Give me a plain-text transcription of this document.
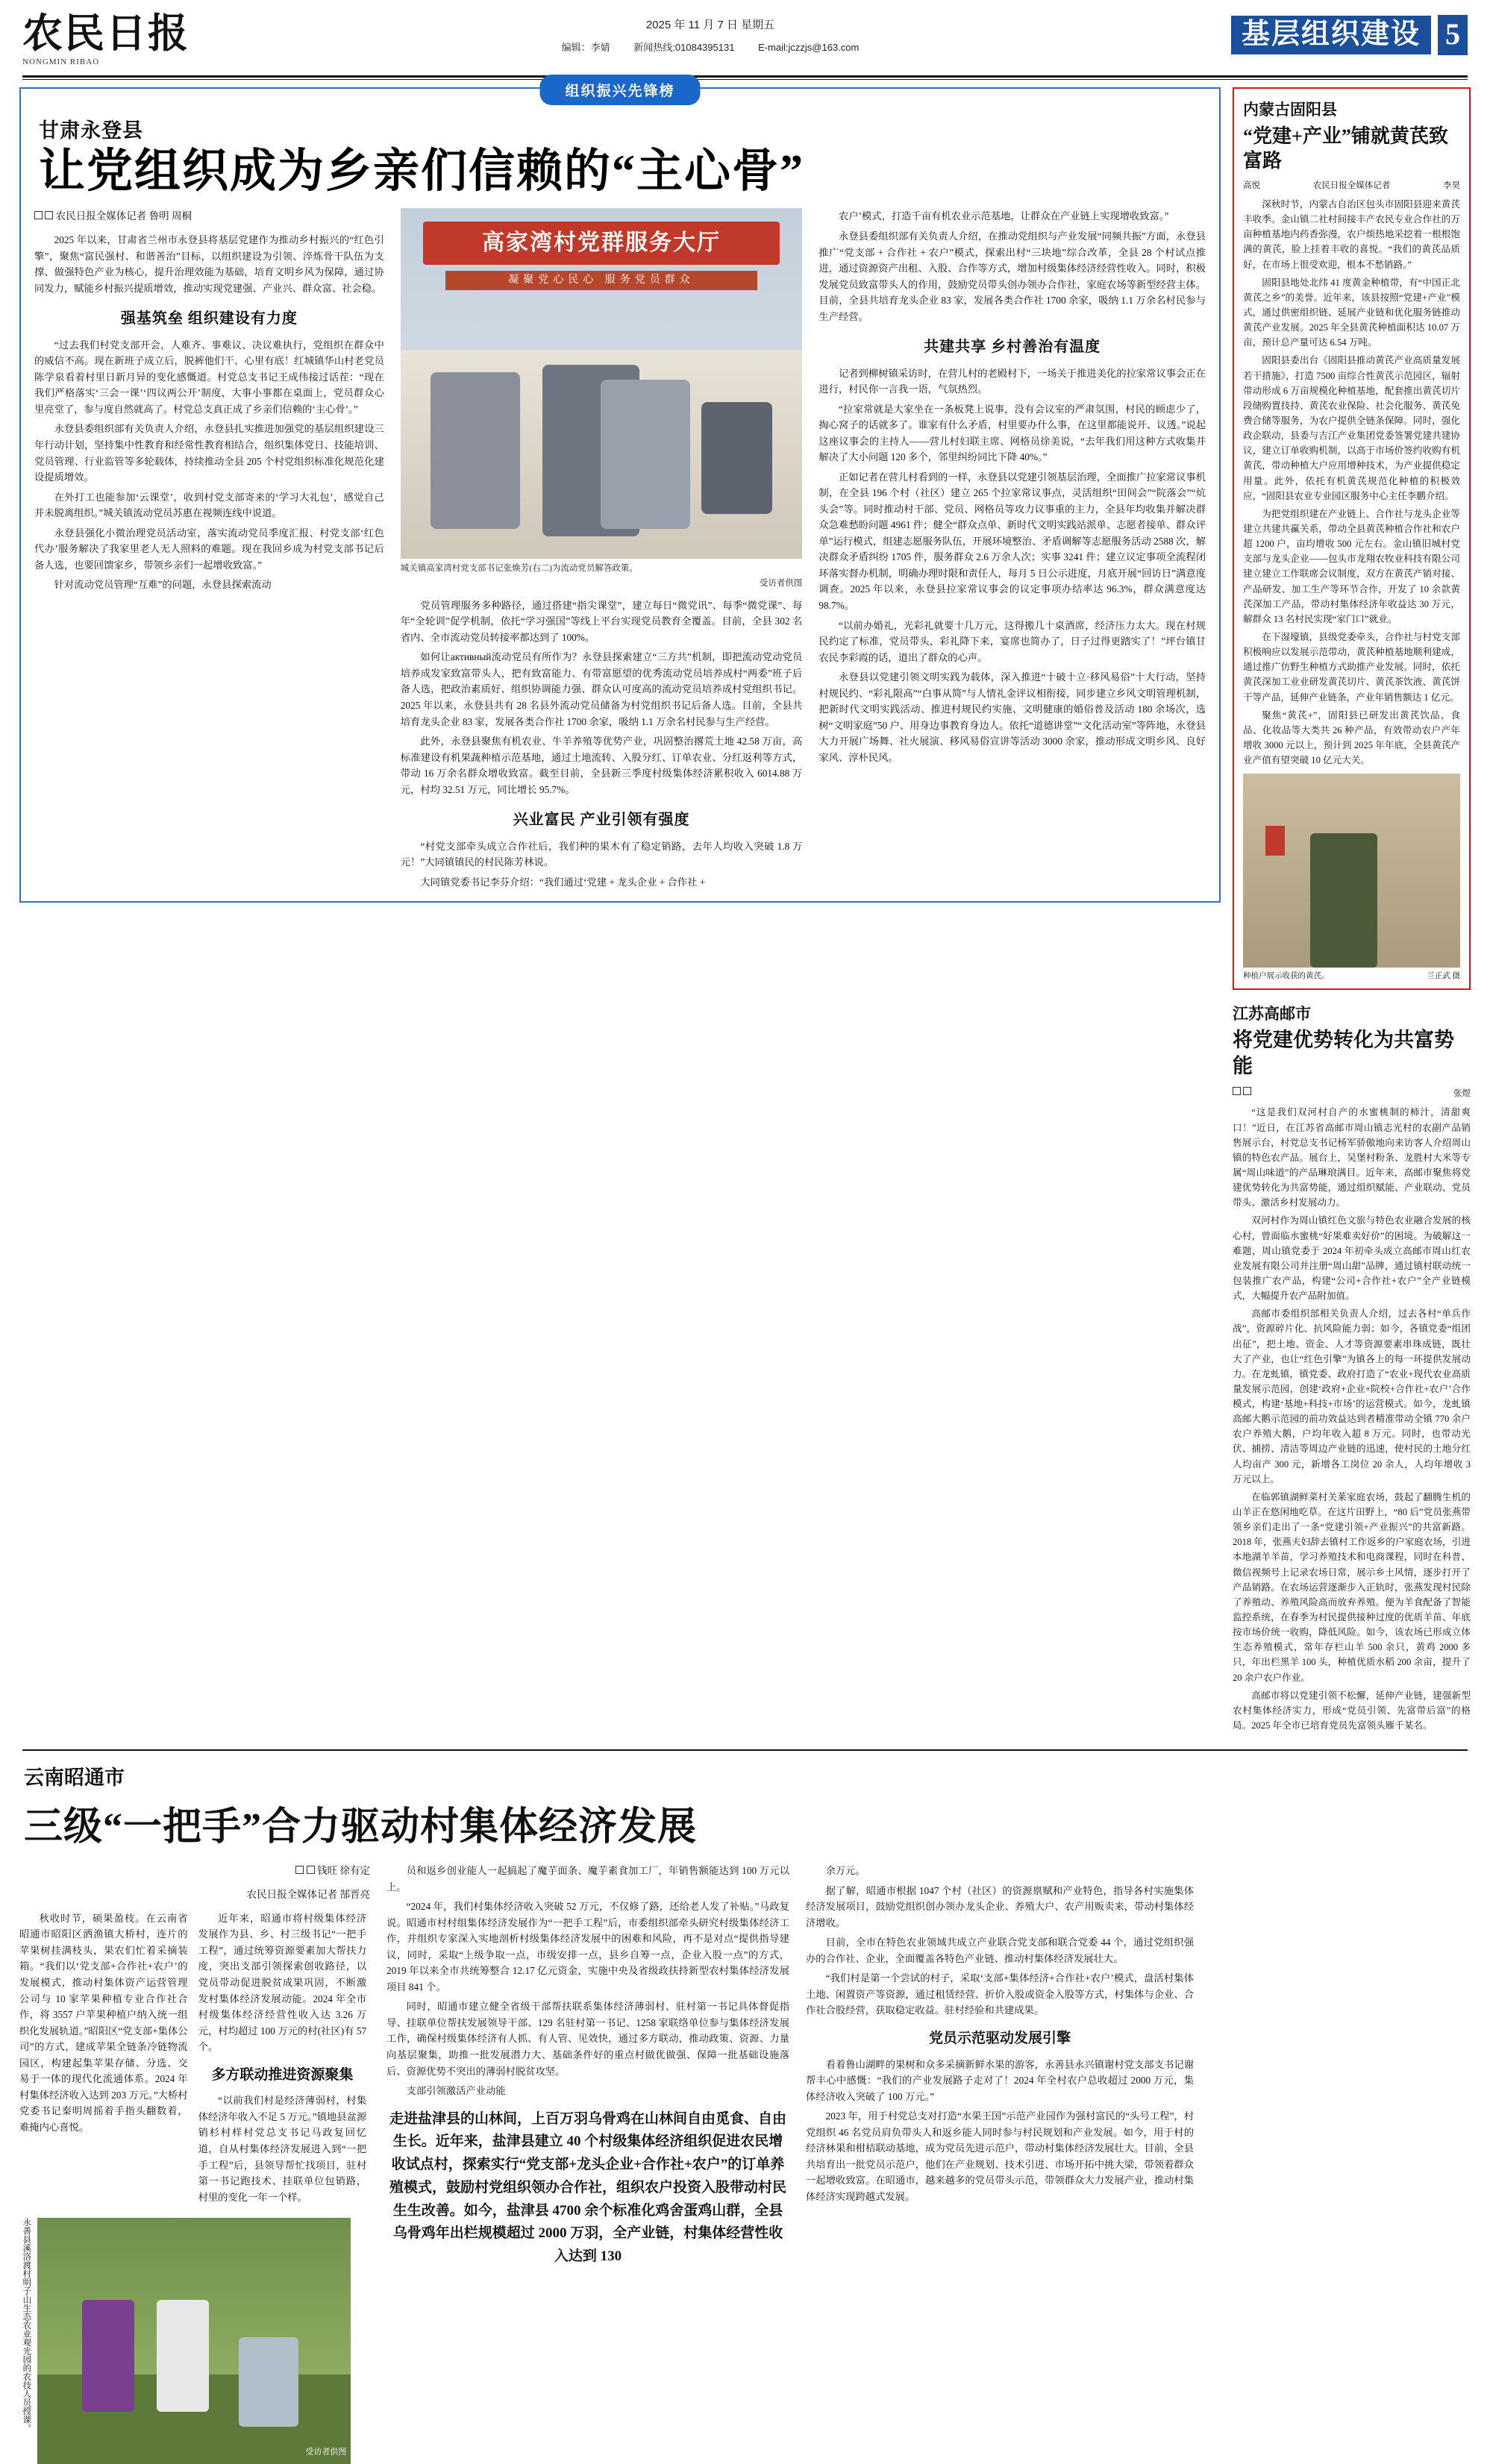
农民日报
NONGMIN RIBAO
2025 年 11 月 7 日 星期五
编辑：李婧 新闻热线:01084395131 E-mail:jczzjs@163.com	基层组织建设 5
组织振兴先锋榜
甘肃永登县
让党组织成为乡亲们信赖的“主心骨”
农民日报全媒体记者 鲁明 周桐

2025 年以来，甘肃省兰州市永登县将基层党建作为推动乡村振兴的“红色引擎”，聚焦“富民强村、和谐善治”目标，以组织建设为引领、淬炼骨干队伍为支撑、做强特色产业为核心，提升治理效能为基础，培育文明乡风为保障，通过协同发力，赋能乡村振兴提质增效，推动实现党建强、产业兴、群众富、社会稳。

强基筑垒 组织建设有力度

“过去我们村党支部开会，人难齐、事难议、决议难执行，党组织在群众中的威信不高。现在新班子成立后，脱裤他们干、心里有底！红城镇华山村老党员陈学泉看着村里日新月异的变化感慨道。村党总支书记王成伟接过话茬：“现在我们严格落实‘三会一课’‘四议两公开’制度，大事小事都在桌面上，党员群众心里亮堂了，参与度自然就高了。村党总支真正成了乡亲们信赖的‘主心骨’。”

永登县委组织部有关负责人介绍，永登县扎实推进加强党的基层组织建设三年行动计划，坚持集中性教育和经常性教育相结合，组织集体党日、技能培训、党员管理、行业监管等多轮载体，持续推动全县 205 个村党组织标准化规范化建设提质增效。

在外打工也能参加‘云课堂’，收到村党支部寄来的‘学习大礼包’，感觉自己并未脱离组织。”城关镇流动党员苏惠在视频连线中说道。

永登县强化小微治理党员活动室，落实流动党员季度汇报、村党支部‘红色代办’服务解决了我家里老人无人照料的难题。现在我回乡成为村党支部书记后备人选，也要回馈家乡，带领乡亲们一起增收致富。”

针对流动党员管理“互难”的问题，永登县探索流动

高家湾村党群服务大厅
凝聚党心民心 服务党员群众
城关镇高家湾村党支部书记张焕芳(右二)为流动党员解答政策。
受访者供图

党员管理服务多种路径，通过搭建“指尖课堂”，建立每日“微党讯”、每季“微党课”、每年“全轮训”促学机制，依托“学习强国”等线上平台实现党员教育全覆盖。目前，全县 302 名省内、全市流动党员转接率都达到了 100%。

如何让активный流动党员有所作为？永登县探索建立“三方共”机制，即把流动党动党员培养成发家致富带头人，把有致富能力、有带富愿望的优秀流动党员培养成村“两委”班子后备人选，把政治素质好、组织协调能力强、群众认可度高的流动党员培养成村党组织书记。2025 年以来，永登县共有 28 名县外流动党员储备为村党组织书记后备人选。目前，全县共培育龙头企业 83 家，发展各类合作社 1700 余家，吸纳 1.1 万余名村民参与生产经营。

此外，永登县聚焦有机农业、牛羊养殖等优势产业，巩固整治撂荒土地 42.58 万亩，高标准建设有机果蔬种植示范基地，通过土地流转、入股分红、订单农业、分红返利等方式，带动 16 万余名群众增收致富。截至目前，全县新三季度村级集体经济累积收入 6014.88 万元，村均 32.51 万元，同比增长 95.7%。

兴业富民 产业引领有强度

“村党支部牵头成立合作社后，我们种的果木有了稳定销路，去年人均收入突破 1.8 万元！”大同镇镇民的村民陈芳林说。

大同镇党委书记李芬介绍：“我们通过‘党建 + 龙头企业 + 合作社 +

农户’模式，打造千亩有机农业示范基地，让群众在产业链上实现增收致富。”

永登县委组织部有关负责人介绍，在推动党组织与产业发展“同频共振”方面，永登县推广“党支部 + 合作社 + 农户”模式，探索出村“三块地”综合改革，全县 28 个村试点推进，通过资源资产出租、入股、合作等方式，增加村级集体经济经营性收入。同时，积极发展党员致富带头人的作用，鼓励党员带头创办领办合作社，家庭农场等新型经营主体。目前，全县共培育龙头企业 83 家，发展各类合作社 1700 余家，吸纳 1.1 万余名村民参与生产经营。

共建共享 乡村善治有温度

记者到柳树镇采访时，在营儿村的老殿村下，一场关于推进美化的拉家常议事会正在进行，村民你一言我一语，气氛热烈。

“拉家常就是大家坐在一条板凳上说事，没有会议室的严肃氛围，村民的顾虑少了，掏心窝子的话就多了。谁家有什么矛盾，村里要办什么事，在这里都能说开、议透。”说起这座议事会的主持人——营儿村妇联主席、网格员徐美说，“去年我们用这种方式收集并解决了大小问题 120 多个，邻里纠纷同比下降 40%。”

正如记者在营儿村看到的一样，永登县以党建引领基层治理，全面推广拉家常议事机制，在全县 196 个村（社区）建立 265 个拉家常议事点，灵活组织“田间会”“院落会”“炕头会”等。同时推动村干部、党员、网格员等攻力议事重的主力，全县年均收集并解决群众急难愁盼问题 4961 件；健全“群众点单、新时代文明实践站派单、志愿者接单、群众评单”运行模式，组建志愿服务队伍，开展环境整治、矛盾调解等志愿服务活动 2588 次，解决群众矛盾纠纷 1705 件，服务群众 2.6 万余人次；实事 3241 件；建立议定事项全流程闭环落实督办机制，明确办理时限和责任人，每月 5 日公示进度，月底开展“回访日”满意度调查。2025 年以来，永登县拉家常议事会的议定事项办结率达 96.3%，群众满意度达 98.7%。

“以前办婚礼，光彩礼就要十几万元，这得搬几十桌酒席，经济压力太大。现在村规民约定了标准，党员带头，彩礼降下来，宴席也简办了，日子过得更踏实了！”坪台镇甘农民李彩霞的话，道出了群众的心声。

永登县以党建引领文明实践为载体，深入推进“十破十立·移风易俗”十大行动，坚持村规民约、“彩礼限高”“白事从简”与人情礼金评议相衔接，同步建立乡风文明管理机制，把新时代文明实践活动、推进村规民约实施、文明健康的婚俗普及活动 180 余场次，选树“文明家庭”50 户、用身边事教育身边人。依托“道德讲堂”“文化活动室”等阵地，永登县大力开展广场舞、社火展演、移风易俗宣讲等活动 3000 余家，推动形成文明乡风、良好家风、淳朴民风。

内蒙古固阳县
“党建+产业”铺就黄芪致富路
高悦	农民日报全媒体记者	李昊

深秋时节，内蒙古自治区包头市固阳县迎来黄芪丰收季。金山镇二社村间接丰产农民专业合作社的万亩种植基地内药香弥漫，农户烦热地采挖着一根根饱满的黄芪，脸上挂着丰收的喜悦。“我们的黄芪品质好，在市场上很受欢迎，根本不愁销路。”

固阳县地处北纬 41 度黄金种植带，有“中国正北黄芪之乡”的美誉。近年来，该县按照“党建+产业”模式，通过供密组织链、延展产业链和优化服务链推动黄芪产业发展。2025 年全县黄芪种植面积达 10.07 万亩，预计总产量可达 6.54 万吨。

固阳县委出台《固阳县推动黄芪产业高质量发展若干措施》，打造 7500 亩综合性黄芪示范园区，辐射带动形成 6 万亩规模化种植基地，配套推出黄芪切片段储购置技持、黄芪农业保险、社会化服务、黄芪免费合储等服务，为农户提供全链条保障。同时，强化政企联动，县委与吉江产业集团党委签署党建共建协议，建立订单收购机制，以高于市场价签约收购有机黄芪，带动种植大户应用增种技术，为产业提供稳定用量。此外，依托有机黄芪规范化种植的积极效应，“固阳县农业专业园区服务中心主任李鹏介绍。

为把党组织建在产业链上、合作社与龙头企业等建立共建共赢关系，带动全县黄芪种植合作社和农户超 1200 户，亩均增收 500 元左右。金山镇旧城村党支部与龙头企业——包头市龙翔农牧业科技有限公司建立建立工作联席会议制度，双方在黄芪产销对接、产品研发、加工生产等环节合作，开发了 10 余款黄芪深加工产品，带动村集体经济年收益达 30 万元，解群众 13 名村民实现“家门口”就业。

在下湿壕镇，县级党委牵头，合作社与村党支部积极响应以发展示范带动，黄芪种植基地顺利建成，通过推广仿野生种植方式助推产业发展。同时，依托黄芪深加工业业研发黄芪切片、黄芪茶饮液、黄芪饼干等产品，延伸产业链条，产业年销售额达 1 亿元。

聚焦“黄芪+”，固阳县已研发出黄芪饮品、食品、化妆品等大类共 26 种产品，有效带动农户产年增收 3000 元以上，预计到 2025 年年底，全县黄芪产业产值有望突破 10 亿元大关。

种植户展示收获的黄芪。	兰正武 摄
江苏高邮市
将党建优势转化为共富势能

张煜

“这是我们双河村自产的水蜜桃制的柿汁，清甜爽口！”近日，在江苏省高邮市周山镇志光村的农副产品销售展示台，村党总支书记杨军骄傲地向来访客人介绍周山镇的特色农产品。展台上，吴堡村粉条、龙胜村大米等专属“周山味道”的产品琳琅满目。近年来，高邮市聚焦将党建优势转化为共富势能，通过组织赋能、产业联动、党员带头、激活乡村发展动力。

双河村作为周山镇红色文旅与特色农业融合发展的核心村，曾面临水蜜桃“好果难卖好价”的困境。为破解这一难题，周山镇党委于 2024 年初牵头成立高邮市周山红农业发展有限公司并注册“周山甜”品牌，通过镇村联动统一包装推广农产品，构建“公司+合作社+农户”全产业链模式，大幅提升农产品附加值。

高邮市委组织部相关负责人介绍，过去各村“单兵作战”，资源碎片化、抗风险能力弱；如今，各镇党委“组团出征”，把土地、资金、人才等资源要素串珠成链，既壮大了产业，也让“红色引擎”为镇各上的每一环提供发展动力。在龙虬镇，镇党委、政府打造了“农业+现代农业高质量发展示范园，创建‘政府+企业+院校+合作社+农户’合作模式，构建‘基地+科技+市场’的运营模式。如今，龙虬镇高邮大鹅示范园的前功效益达到者精准带动全镇 770 余户农户养殖大鹅，户均年收入超 8 万元。同时，也带动光伏、捕捞、清洁等周边产业链的迅速，使村民的土地分红人均亩产 300 元，新增各工岗位 20 余人，人均年增收 3 万元以上。

在临郭镇湖鲜菜村关莱家庭农场，鼓起了翻腾生机的山羊正在悠闲地吃草。在这片田野上，“80 后”党员张燕带领乡亲们走出了一条“党建引领+产业振兴”的共富新路。2018 年，张燕夫妇辞去镇村工作返乡的户家庭农场，引进本地湖羊羊苗，学习养殖技术和电商课程，同时在科普、微信视频号上记录农场日常，展示乡土风情，逐步打开了产品销路。在农场运营逐渐步入正轨时，张燕发现村民除了养殖动、养殖风险高而放弃养殖。便为羊食配备了智能监控系统，在春季为村民提供接种过度的优质羊苗、年底按市场价统一收购，降低风险。如今，该农场已形成立体生态养殖模式，常年存栏山羊 500 余只，黄鸡 2000 多只，年出栏黑羊 100 头，种植优质水稻 200 余亩，提升了 20 余户农户作业。

高邮市将以党建引领不松懈，延伸产业链，建强新型农村集体经济实力，形成“党员引领、先富带后富”的格局。2025 年全市已培育党员先富领头雁千某名。

云南昭通市
三级“一把手”合力驱动村集体经济发展
钱旺 徐有定
农民日报全媒体记者 郜晋亮

秋收时节，硕果盈枝。在云南省昭通市昭阳区洒渔镇大桥村，连片的苹果树挂满枝头，果农们忙着采摘装箱。“我们以‘党支部+合作社+农户’的发展模式，推动村集体资产运营管理公司与 10 家苹果种植专业合作社合作，将 3557 户苹果种植户纳入统一组织化发展轨道。”昭阳区“党支部+集体公司”的方式，建成苹果全链条冷链物流园区，构建起集苹果存储、分选、交易于一体的现代化流通体系。2024 年村集体经济收入达到 203 万元。”大桥村党委书记秦明周摇着手指头翻数着，难掩内心喜悦。

近年来，昭通市将村级集体经济发展作为县、乡、村三级书记“一把手工程”，通过统筹资源要素加大帮扶力度，突出支部引领探索创收路径，以党员带动促进脱贫成果巩固，不断激发村集体经济发展动能。2024 年全市村级集体经济经营性收入达 3.26 万元，村均超过 100 万元的村(社区)有 57 个。

多方联动推进资源聚集

“以前我们村是经济薄弱村，村集体经济年收入不足 5 万元。”镇地县盆源销杉村样村党总支书记马政复回忆道，自从村集体经济发展进入到“一把手工程”后，县领导帮忙找项目，驻村第一书记跑技术、挂联单位包销路，村里的变化一年一个样。

永善县溪洛渡村明子山生态农业观光园的农技人员授课。
受访者供图

员和返乡创业能人一起搞起了魔芋面条、魔芋素食加工厂，年销售额能达到 100 万元以上。

“2024 年，我们村集体经济收入突破 52 万元，不仅修了路，还给老人发了补贴。”马政复说。昭通市村村组集体经济发展作为“一把手工程”后，市委组织部牵头研究村级集体经济工作，并组织专家深入实地剖析村级集体经济发展中的困难和风险，再不是对点“提供指导建议，同时，采取“上级争取一点，市级安排一点，县乡自筹一点，企业入股一点”的方式，2019 年以来全市共统筹整合 12.17 亿元资金，实施中央及省级政扶持新型农村集体经济发展项目 841 个。

同时，昭通市建立健全省级干部帮扶联系集体经济薄弱村、驻村第一书记具体督促指导、挂联单位帮扶发展领导干部、129 名驻村第一书记、1258 家联络单位参与集体经济发展工作，确保村级集体经济有人抓、有人管、见效快，通过多方联动，推动政策、资源、力量向基层聚集，助推一批发展潜力大、基础条件好的重点村做优做强、保障一批基础设施落后、资源优势不突出的薄弱村脱贫攻坚。

支部引领激活产业动能

走进盐津县的山林间，上百万羽乌骨鸡在山林间自由觅食、自由生长。近年来，盐津县建立 40 个村级集体经济组织促进农民增收试点村，探索实行“党支部+龙头企业+合作社+农户”的订单养殖模式，鼓励村党组织领办合作社，组织农户投资入股带动村民生生改善。如今，盐津县 4700 余个标准化鸡舍蛋鸡山群，全县乌骨鸡年出栏规模超过 2000 万羽，全产业链，村集体经营性收入达到 130

余万元。

据了解，昭通市根据 1047 个村（社区）的资源禀赋和产业特色，指导各村实施集体经济发展项目，鼓励党组织创办领办龙头企业、养殖大户、农产用贩卖来，带动村集体经济增收。

目前，全市在特色农业领域共成立产业联合党支部和联合党委 44 个，通过党组织强办的合作社、企业，全面覆盖各特色产业链、推动村集体经济发展壮大。

“我们村是第一个尝试的村子，采取‘支部+集体经济+合作社+农户’模式，盘活村集体土地、闲置资产等资源，通过租赁经营、折价入股或资金入股等方式，村集体与企业、合作社合股经营，获取稳定收益。驻村经验和共建成果。

党员示范驱动发展引擎

看着鲁山湖畔的果树和众多采摘新鲜水果的游客，永善县永兴镇谢村党支部支书记谢帮丰心中感慨：“我们的产业发展路子走对了！2024 年全村农户总收超过 2000 万元，集体经济收入突破了 100 万元。”

2023 年，用于村党总支对打造“水果王国”示范产业园作为强村富民的“头号工程”，村党组织 46 名党员肩负带头人和返乡能人同时参与村民规划和产业发展。如今，用于村的经济林果和柑桔联动基地，成为党员先进示范户，带动村集体经济发展壮大。目前，全县共培育出一批党员示范户，他们在产业规划、技术引进、市场开拓中挑大梁，带领着群众一起增收致富。在昭通市，越来越多的党员带头示范，带领群众大力发展产业，推动村集体经济实现跨越式发展。
